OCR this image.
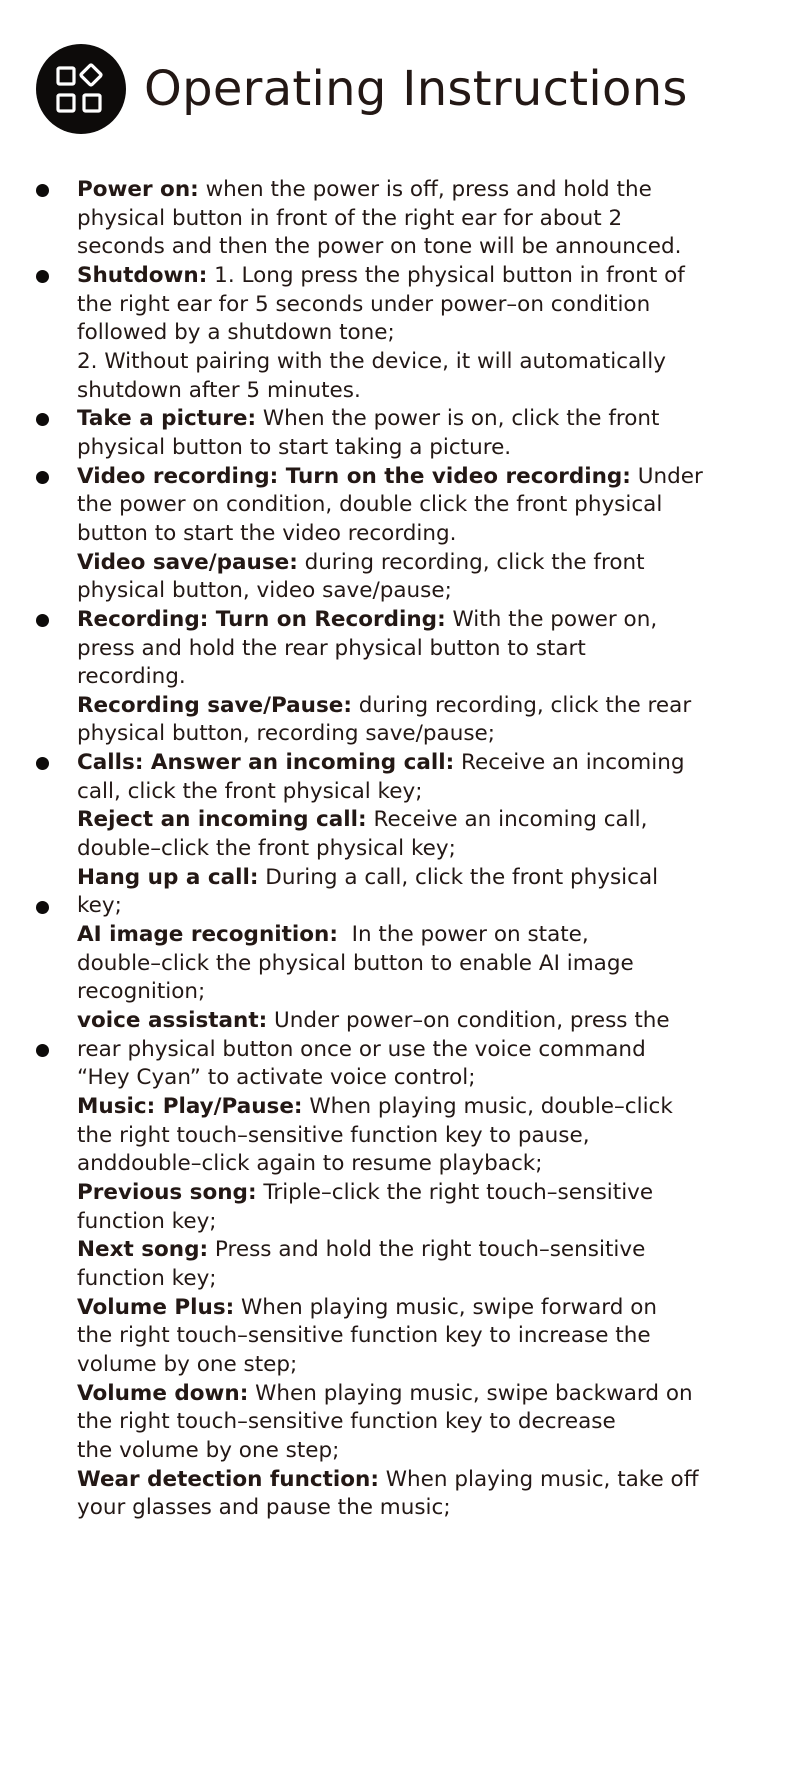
Operating Instructions
Power on: when the power is off, press and hold the
physical button in front of the right ear for about 2
seconds and then the power on tone will be announced.
Shutdown: 1. Long press the physical button in front of
the right ear for 5 seconds under power–on condition
followed by a shutdown tone;
2. Without pairing with the device, it will automatically
shutdown after 5 minutes.
Take a picture: When the power is on, click the front
physical button to start taking a picture.
Video recording: Turn on the video recording: Under
the power on condition, double click the front physical
button to start the video recording.
Video save/pause: during recording, click the front
physical button, video save/pause;
Recording: Turn on Recording: With the power on,
press and hold the rear physical button to start
recording.
Recording save/Pause: during recording, click the rear
physical button, recording save/pause;
Calls: Answer an incoming call: Receive an incoming
call, click the front physical key;
Reject an incoming call: Receive an incoming call,
double–click the front physical key;
Hang up a call: During a call, click the front physical
key;
AI image recognition:  In the power on state,
double–click the physical button to enable AI image
recognition;
voice assistant: Under power–on condition, press the
rear physical button once or use the voice command
“Hey Cyan” to activate voice control;
Music: Play/Pause: When playing music, double–click
the right touch–sensitive function key to pause,
anddouble–click again to resume playback;
Previous song: Triple–click the right touch–sensitive
function key;
Next song: Press and hold the right touch–sensitive
function key;
Volume Plus: When playing music, swipe forward on
the right touch–sensitive function key to increase the
volume by one step;
Volume down: When playing music, swipe backward on
the right touch–sensitive function key to decrease
the volume by one step;
Wear detection function: When playing music, take off
your glasses and pause the music;
